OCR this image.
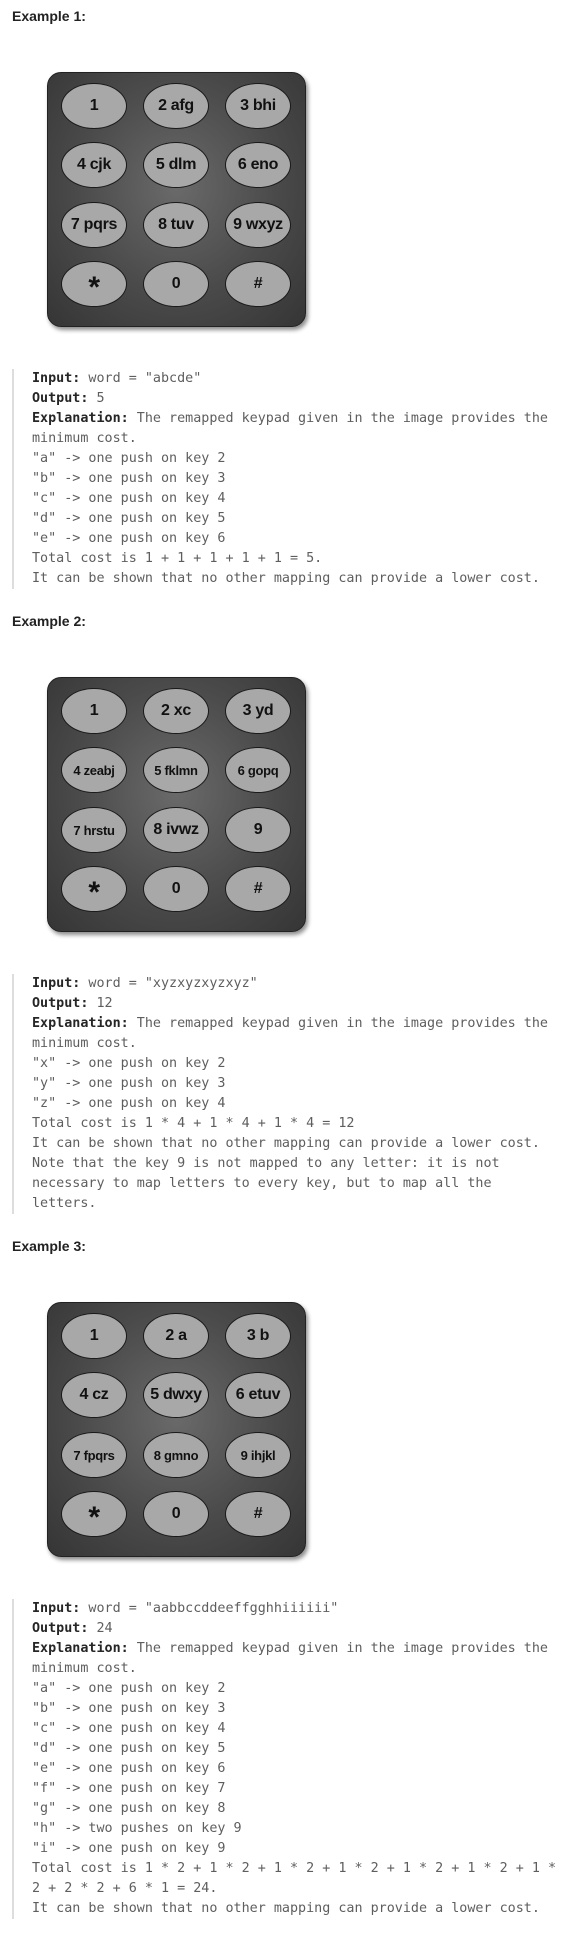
Example 1:
1	2 afg	3 bhi
4 cjk	5 dlm	6 eno
7 pqrs	8 tuv	9 wxyz
*	0	#
Input: word = "abcde"
Output: 5
Explanation: The remapped keypad given in the image provides the
minimum cost.
"a" -> one push on key 2
"b" -> one push on key 3
"c" -> one push on key 4
"d" -> one push on key 5
"e" -> one push on key 6
Total cost is 1 + 1 + 1 + 1 + 1 = 5.
It can be shown that no other mapping can provide a lower cost.
Example 2:
1	2 xc	3 yd
4 zeabj	5 fklmn	6 gopq
7 hrstu	8 ivwz	9
*	0	#
Input: word = "xyzxyzxyzxyz"
Output: 12
Explanation: The remapped keypad given in the image provides the
minimum cost.
"x" -> one push on key 2
"y" -> one push on key 3
"z" -> one push on key 4
Total cost is 1 * 4 + 1 * 4 + 1 * 4 = 12
It can be shown that no other mapping can provide a lower cost.
Note that the key 9 is not mapped to any letter: it is not
necessary to map letters to every key, but to map all the
letters.
Example 3:
1	2 a	3 b
4 cz	5 dwxy	6 etuv
7 fpqrs	8 gmno	9 ihjkl
*	0	#
Input: word = "aabbccddeeffgghhiiiiii"
Output: 24
Explanation: The remapped keypad given in the image provides the
minimum cost.
"a" -> one push on key 2
"b" -> one push on key 3
"c" -> one push on key 4
"d" -> one push on key 5
"e" -> one push on key 6
"f" -> one push on key 7
"g" -> one push on key 8
"h" -> two pushes on key 9
"i" -> one push on key 9
Total cost is 1 * 2 + 1 * 2 + 1 * 2 + 1 * 2 + 1 * 2 + 1 * 2 + 1 *
2 + 2 * 2 + 6 * 1 = 24.
It can be shown that no other mapping can provide a lower cost.
